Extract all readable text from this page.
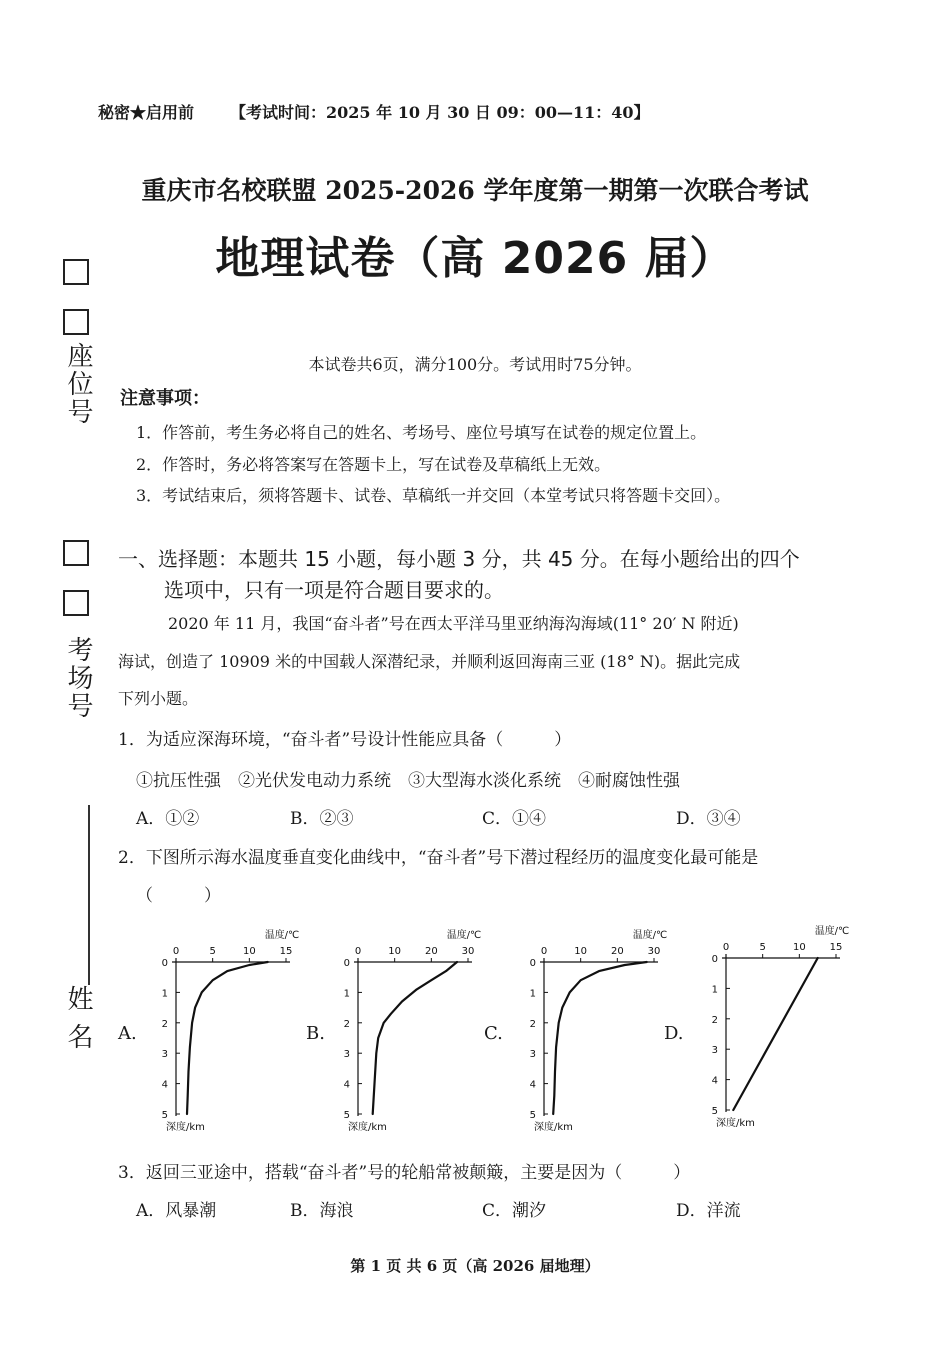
秘密★启用前 【考试时间：2025 年 10 月 30 日 09：00—11：40】
重庆市名校联盟 2025-2026 学年度第一期第一次联合考试
地理试卷（高 2026 届）
本试卷共6页，满分100分。考试用时75分钟。
注意事项：
1．作答前，考生务必将自己的姓名、考场号、座位号填写在试卷的规定位置上。
2．作答时，务必将答案写在答题卡上，写在试卷及草稿纸上无效。
3．考试结束后，须将答题卡、试卷、草稿纸一并交回（本堂考试只将答题卡交回）。
座位号
考场号
姓 名
一、选择题：本题共 15 小题，每小题 3 分，共 45 分。在每小题给出的四个
选项中，只有一项是符合题目要求的。
2020 年 11 月，我国“奋斗者”号在西太平洋马里亚纳海沟海域(11° 20′ N 附近)
海试，创造了 10909 米的中国载人深潜纪录，并顺利返回海南三亚 (18° N)。据此完成
下列小题。
1．为适应深海环境，“奋斗者”号设计性能应具备（　　　）
①抗压性强　②光伏发电动力系统　③大型海水淡化系统　④耐腐蚀性强
A．①②	B．②③	C．①④	D．③④
2．下图所示海水温度垂直变化曲线中，“奋斗者”号下潜过程经历的温度变化最可能是
（　　　）
A.
0	5	10 15
0
1
2
3
4
5
温度/℃
深度/km
B.
0	10 20 30
0
1
2
3
4
5
温度/℃
深度/km
C.
0	10 20 30
0
1
2
3
4
5
温度/℃
深度/km
D.
0	5	10 15
0
1
2
3
4
5
温度/℃
深度/km
3．返回三亚途中，搭载“奋斗者”号的轮船常被颠簸，主要是因为（　　　）
A．风暴潮	B．海浪	C．潮汐	D．洋流
第 1 页 共 6 页（高 2026 届地理）
